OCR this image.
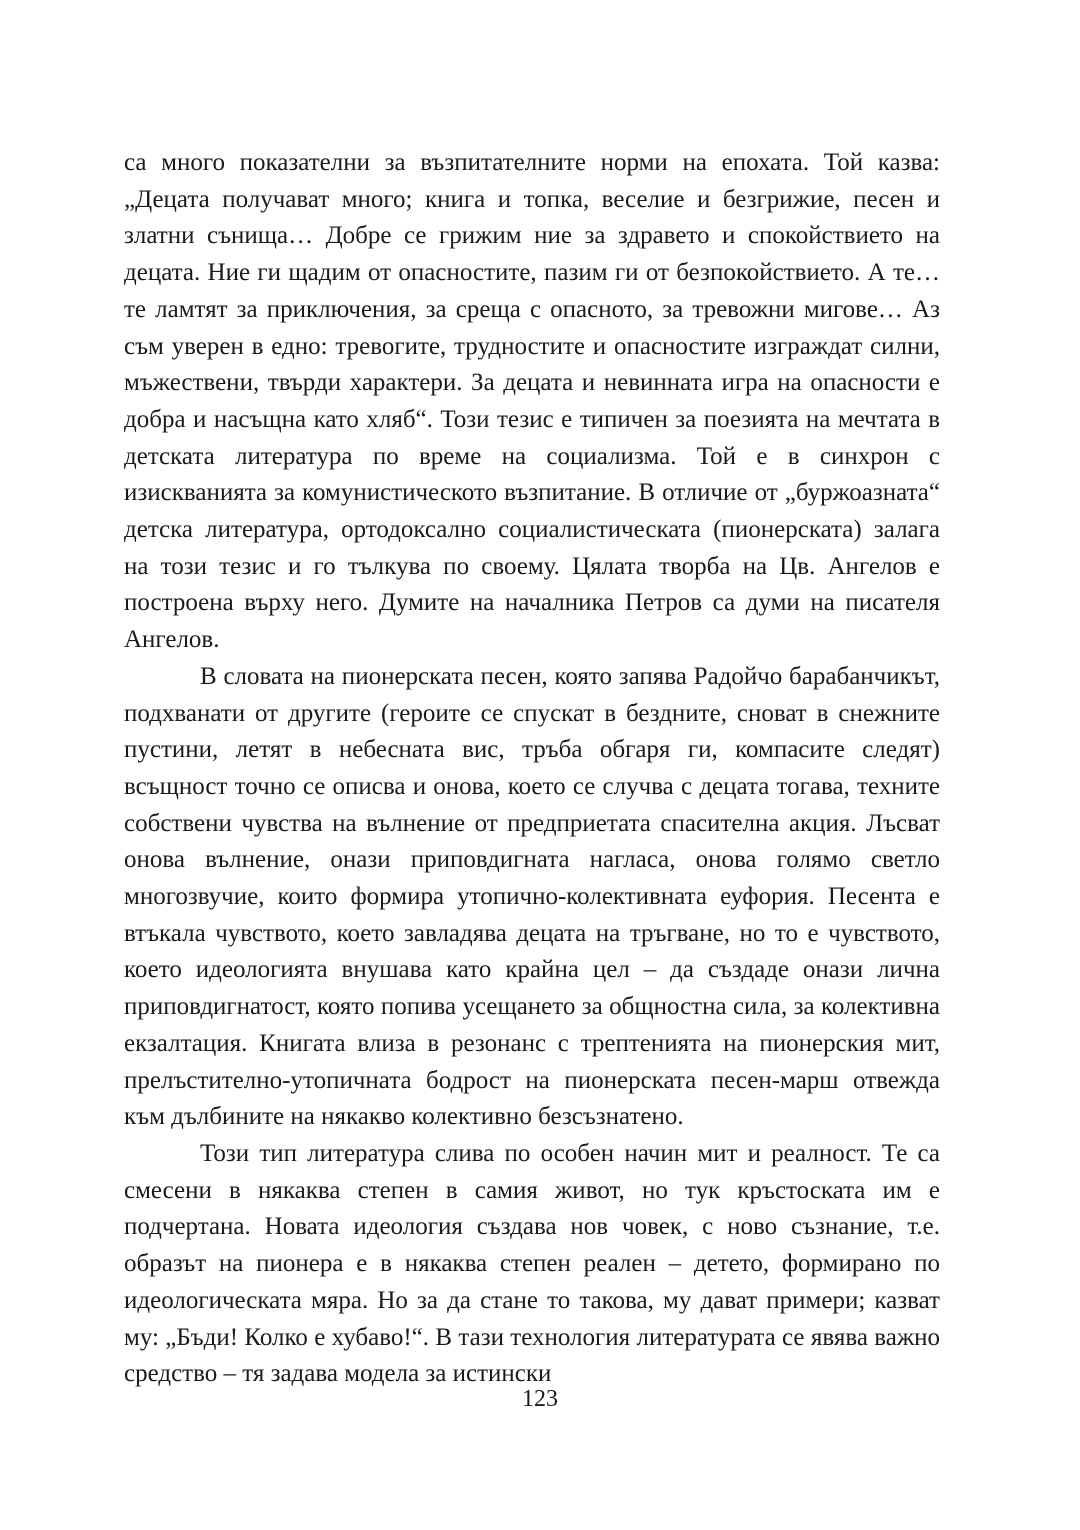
са много показателни за възпитателните норми на епохата. Той казва: „Децата получават много; книга и топка, веселие и безгрижие, песен и златни сънища… Добре се грижим ние за здравето и спокойствието на децата. Ние ги щадим от опасностите, пазим ги от безпокойствието. А те… те ламтят за приключения, за среща с опасното, за тревожни мигове… Аз съм уверен в едно: тревогите, трудностите и опасностите изграждат силни, мъжествени, твърди характери. За децата и невинната игра на опасности е добра и насъщна като хляб“. Този тезис е типичен за поезията на мечтата в детската литература по време на социализма. Той е в синхрон с изискванията за комунистическото възпитание. В отличие от „буржоазната“ детска литература, ортодоксално социалистическата (пионерската) залага на този тезис и го тълкува по своему. Цялата творба на Цв. Ангелов е построена върху него. Думите на началника Петров са думи на писателя Ангелов.

В словата на пионерската песен, която запява Радойчо барабанчикът, подхванати от другите (героите се спускат в бездните, сноват в снежните пустини, летят в небесната вис, тръба обгаря ги, компасите следят) всъщност точно се описва и онова, което се случва с децата тогава, техните собствени чувства на вълнение от предприетата спасителна акция. Лъсват онова вълнение, онази приповдигната нагласа, онова голямо светло многозвучие, които формира утопично-колективната еуфория. Песента е втъкала чувството, което завладява децата на тръгване, но то е чувството, което идеологията внушава като крайна цел – да създаде онази лична приповдигнатост, която попива усещането за общностна сила, за колективна екзалтация. Книгата влиза в резонанс с трептенията на пионерския мит, прелъстително-утопичната бодрост на пионерската песен-марш отвежда към дълбините на някакво колективно безсъзнатено.

Този тип литература слива по особен начин мит и реалност. Те са смесени в някаква степен в самия живот, но тук кръстоската им е подчертана. Новата идеология създава нов човек, с ново съзнание, т.е. образът на пионера е в някаква степен реален – детето, формирано по идеологическата мяра. Но за да стане то такова, му дават примери; казват му: „Бъди! Колко е хубаво!“. В тази технология литературата се явява важно средство – тя задава модела за истински

123
